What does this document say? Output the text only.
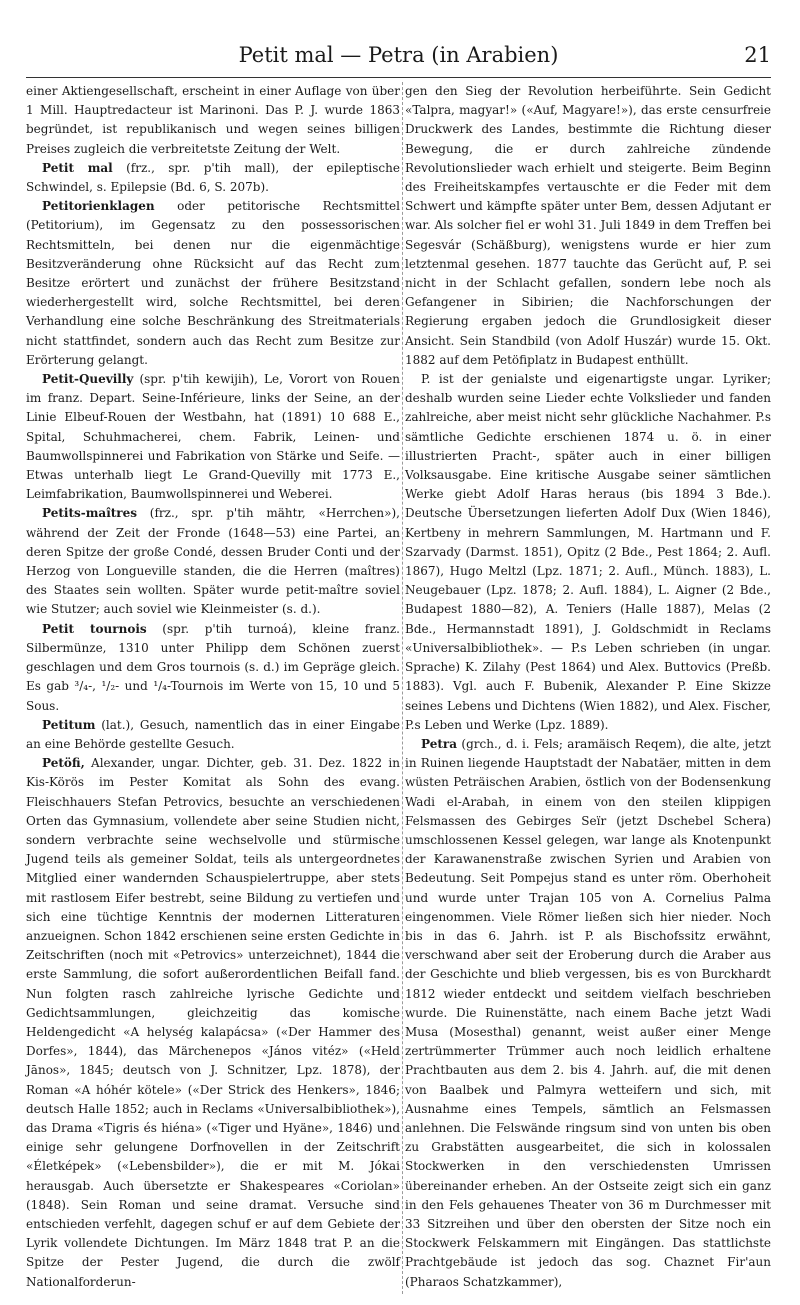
Petit mal — Petra (in Arabien)	21

einer Aktiengesellschaft, erscheint in einer Auflage von über 1 Mill. Hauptredacteur ist Marinoni. Das P. J. wurde 1863 begründet, ist republikanisch und wegen seines billigen Preises zugleich die verbreitetste Zeitung der Welt.

Petit mal (frz., spr. p'tih mall), der epileptische Schwindel, s. Epilepsie (Bd. 6, S. 207b).

Petitorienklagen oder petitorische Rechtsmittel (Petitorium), im Gegensatz zu den possessorischen Rechtsmitteln, bei denen nur die eigenmächtige Besitzveränderung ohne Rücksicht auf das Recht zum Besitze erörtert und zunächst der frühere Besitzstand wiederhergestellt wird, solche Rechtsmittel, bei deren Verhandlung eine solche Beschränkung des Streitmaterials nicht stattfindet, sondern auch das Recht zum Besitze zur Erörterung gelangt.

Petit-Quevilly (spr. p'tih kewijih), Le, Vorort von Rouen im franz. Depart. Seine-Inférieure, links der Seine, an der Linie Elbeuf-Rouen der Westbahn, hat (1891) 10 688 E., Spital, Schuhmacherei, chem. Fabrik, Leinen- und Baumwollspinnerei und Fabrikation von Stärke und Seife. — Etwas unterhalb liegt Le Grand-Quevilly mit 1773 E., Leimfabrikation, Baumwollspinnerei und Weberei.

Petits-maîtres (frz., spr. p'tih mähtr, «Herrchen»), während der Zeit der Fronde (1648—53) eine Partei, an deren Spitze der große Condé, dessen Bruder Conti und der Herzog von Longueville standen, die die Herren (maîtres) des Staates sein wollten. Später wurde petit-maître soviel wie Stutzer; auch soviel wie Kleinmeister (s. d.).

Petit tournois (spr. p'tih turnoá), kleine franz. Silbermünze, 1310 unter Philipp dem Schönen zuerst geschlagen und dem Gros tournois (s. d.) im Gepräge gleich. Es gab ³/₄-, ¹/₂- und ¹/₄-Tournois im Werte von 15, 10 und 5 Sous.

Petitum (lat.), Gesuch, namentlich das in einer Eingabe an eine Behörde gestellte Gesuch.

Petöfi, Alexander, ungar. Dichter, geb. 31. Dez. 1822 in Kis-Körös im Pester Komitat als Sohn des evang. Fleischhauers Stefan Petrovics, besuchte an verschiedenen Orten das Gymnasium, vollendete aber seine Studien nicht, sondern verbrachte seine wechselvolle und stürmische Jugend teils als gemeiner Soldat, teils als untergeordnetes Mitglied einer wandernden Schauspielertruppe, aber stets mit rastlosem Eifer bestrebt, seine Bildung zu vertiefen und sich eine tüchtige Kenntnis der modernen Litteraturen anzueignen. Schon 1842 erschienen seine ersten Gedichte in Zeitschriften (noch mit «Petrovics» unterzeichnet), 1844 die erste Sammlung, die sofort außerordentlichen Beifall fand. Nun folgten rasch zahlreiche lyrische Gedichte und Gedichtsammlungen, gleichzeitig das komische Heldengedicht «A helység kalapácsa» («Der Hammer des Dorfes», 1844), das Märchenepos «János vitéz» («Held Jānos», 1845; deutsch von J. Schnitzer, Lpz. 1878), der Roman «A hóhér kötele» («Der Strick des Henkers», 1846; deutsch Halle 1852; auch in Reclams «Universalbibliothek»), das Drama «Tigris és hiéna» («Tiger und Hyäne», 1846) und einige sehr gelungene Dorfnovellen in der Zeitschrift «Életképek» («Lebensbilder»), die er mit M. Jókai herausgab. Auch übersetzte er Shakespeares «Coriolan» (1848). Sein Roman und seine dramat. Versuche sind entschieden verfehlt, dagegen schuf er auf dem Gebiete der Lyrik vollendete Dichtungen. Im März 1848 trat P. an die Spitze der Pester Jugend, die durch die zwölf Nationalforderun-

gen den Sieg der Revolution herbeiführte. Sein Gedicht «Talpra, magyar!» («Auf, Magyare!»), das erste censurfreie Druckwerk des Landes, bestimmte die Richtung dieser Bewegung, die er durch zahlreiche zündende Revolutionslieder wach erhielt und steigerte. Beim Beginn des Freiheitskampfes vertauschte er die Feder mit dem Schwert und kämpfte später unter Bem, dessen Adjutant er war. Als solcher fiel er wohl 31. Juli 1849 in dem Treffen bei Segesvár (Schäßburg), wenigstens wurde er hier zum letztenmal gesehen. 1877 tauchte das Gerücht auf, P. sei nicht in der Schlacht gefallen, sondern lebe noch als Gefangener in Sibirien; die Nachforschungen der Regierung ergaben jedoch die Grundlosigkeit dieser Ansicht. Sein Standbild (von Adolf Huszár) wurde 15. Okt. 1882 auf dem Petöfiplatz in Budapest enthüllt.

P. ist der genialste und eigenartigste ungar. Lyriker; deshalb wurden seine Lieder echte Volkslieder und fanden zahlreiche, aber meist nicht sehr glückliche Nachahmer. P.s sämtliche Gedichte erschienen 1874 u. ö. in einer illustrierten Pracht-, später auch in einer billigen Volksausgabe. Eine kritische Ausgabe seiner sämtlichen Werke giebt Adolf Haras heraus (bis 1894 3 Bde.). Deutsche Übersetzungen lieferten Adolf Dux (Wien 1846), Kertbeny in mehrern Sammlungen, M. Hartmann und F. Szarvady (Darmst. 1851), Opitz (2 Bde., Pest 1864; 2. Aufl. 1867), Hugo Meltzl (Lpz. 1871; 2. Aufl., Münch. 1883), L. Neugebauer (Lpz. 1878; 2. Aufl. 1884), L. Aigner (2 Bde., Budapest 1880—82), A. Teniers (Halle 1887), Melas (2 Bde., Hermannstadt 1891), J. Goldschmidt in Reclams «Universalbibliothek». — P.s Leben schrieben (in ungar. Sprache) K. Zilahy (Pest 1864) und Alex. Buttovics (Preßb. 1883). Vgl. auch F. Bubenik, Alexander P. Eine Skizze seines Lebens und Dichtens (Wien 1882), und Alex. Fischer, P.s Leben und Werke (Lpz. 1889).

Petra (grch., d. i. Fels; aramäisch Reqem), die alte, jetzt in Ruinen liegende Hauptstadt der Nabatäer, mitten in dem wüsten Peträischen Arabien, östlich von der Bodensenkung Wadi el-Arabah, in einem von den steilen klippigen Felsmassen des Gebirges Seïr (jetzt Dschebel Schera) umschlossenen Kessel gelegen, war lange als Knotenpunkt der Karawanenstraße zwischen Syrien und Arabien von Bedeutung. Seit Pompejus stand es unter röm. Oberhoheit und wurde unter Trajan 105 von A. Cornelius Palma eingenommen. Viele Römer ließen sich hier nieder. Noch bis in das 6. Jahrh. ist P. als Bischofssitz erwähnt, verschwand aber seit der Eroberung durch die Araber aus der Geschichte und blieb vergessen, bis es von Burckhardt 1812 wieder entdeckt und seitdem vielfach beschrieben wurde. Die Ruinenstätte, nach einem Bache jetzt Wadi Musa (Mosesthal) genannt, weist außer einer Menge zertrümmerter Trümmer auch noch leidlich erhaltene Prachtbauten aus dem 2. bis 4. Jahrh. auf, die mit denen von Baalbek und Palmyra wetteifern und sich, mit Ausnahme eines Tempels, sämtlich an Felsmassen anlehnen. Die Felswände ringsum sind von unten bis oben zu Grabstätten ausgearbeitet, die sich in kolossalen Stockwerken in den verschiedensten Umrissen übereinander erheben. An der Ostseite zeigt sich ein ganz in den Fels gehauenes Theater von 36 m Durchmesser mit 33 Sitzreihen und über den obersten der Sitze noch ein Stockwerk Felskammern mit Eingängen. Das stattlichste Prachtgebäude ist jedoch das sog. Chaznet Fir'aun (Pharaos Schatzkammer),
